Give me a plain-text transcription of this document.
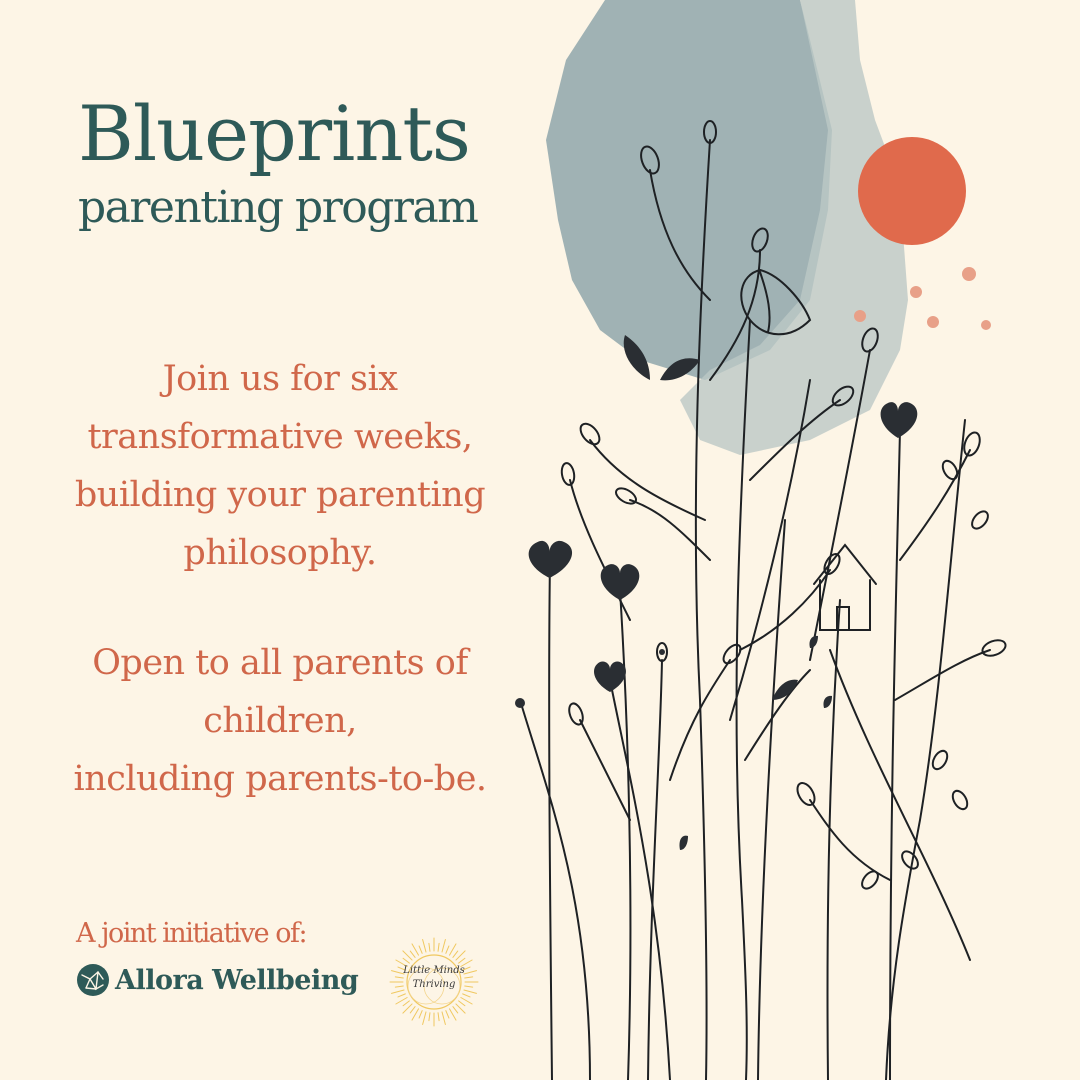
Blueprints
parenting program
Join us for six
transformative weeks,
building your parenting
philosophy.
Open to all parents of
children,
including parents-to-be.
A joint initiative of:
Allora Wellbeing	Little Minds
Thriving
